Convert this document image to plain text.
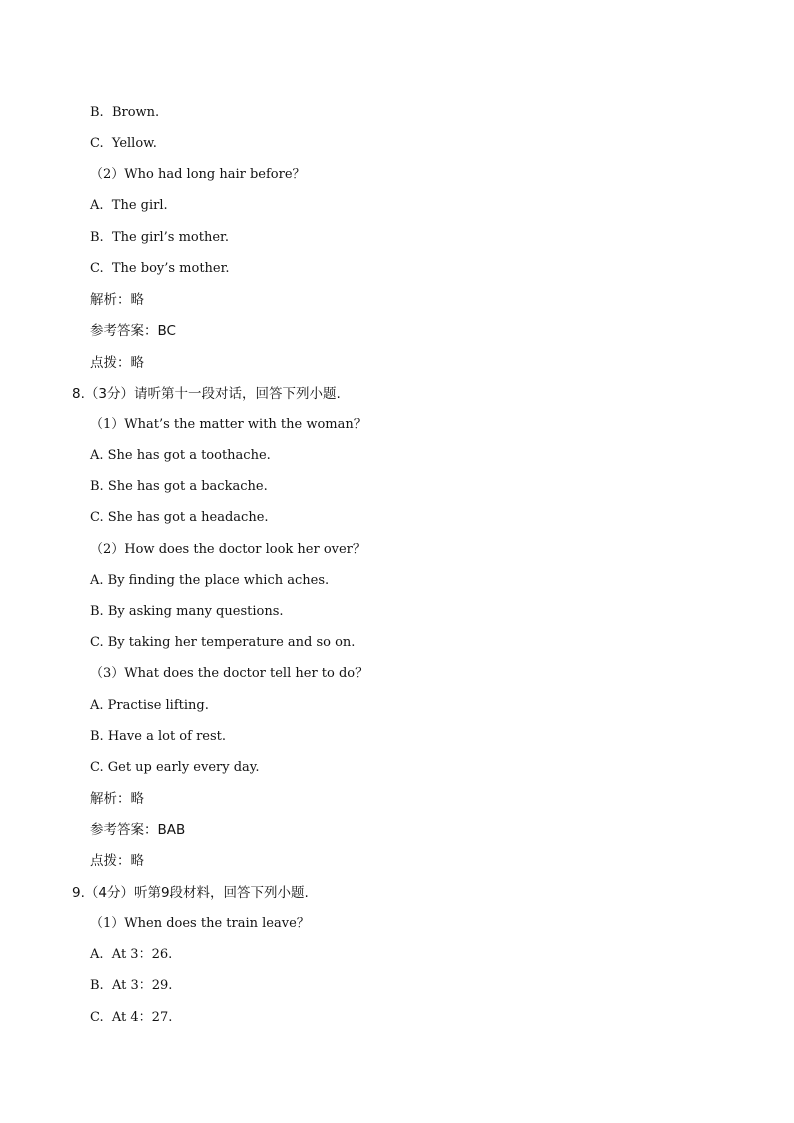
B.  Brown.
C.  Yellow.
（2）Who had long hair before？
A.  The girl.
B.  The girl’s mother.
C.  The boy’s mother.
解析：略
参考答案：BC
点拨：略
8.（3分）请听第十一段对话，回答下列小题.
（1）What’s the matter with the woman？
A. She has got a toothache.
B. She has got a backache.
C. She has got a headache.
（2）How does the doctor look her over？
A. By finding the place which aches.
B. By asking many questions.
C. By taking her temperature and so on.
（3）What does the doctor tell her to do？
A. Practise lifting.
B. Have a lot of rest.
C. Get up early every day.
解析：略
参考答案：BAB
点拨：略
9.（4分）听第9段材料，回答下列小题.
（1）When does the train leave？
A.  At 3：26.
B.  At 3：29.
C.  At 4：27.
